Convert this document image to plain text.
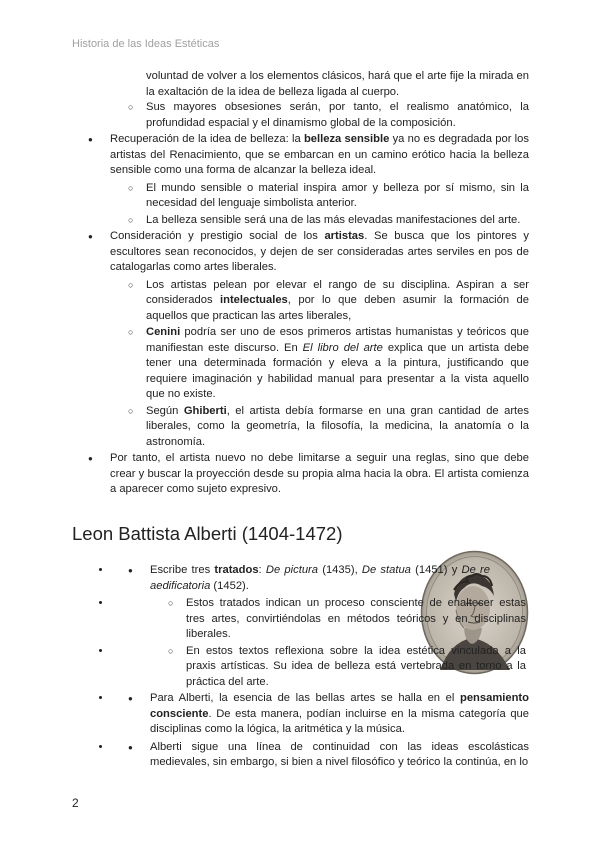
Historia de las Ideas Estéticas
voluntad de volver a los elementos clásicos, hará que el arte fije la mirada en la exaltación de la idea de belleza ligada al cuerpo.
○ Sus mayores obsesiones serán, por tanto, el realismo anatómico, la profundidad espacial y el dinamismo global de la composición.
● Recuperación de la idea de belleza: la belleza sensible ya no es degradada por los artistas del Renacimiento, que se embarcan en un camino erótico hacia la belleza sensible como una forma de alcanzar la belleza ideal.
○ El mundo sensible o material inspira amor y belleza por sí mismo, sin la necesidad del lenguaje simbolista anterior.
○ La belleza sensible será una de las más elevadas manifestaciones del arte.
● Consideración y prestigio social de los artistas. Se busca que los pintores y escultores sean reconocidos, y dejen de ser consideradas artes serviles en pos de catalogarlas como artes liberales.
○ Los artistas pelean por elevar el rango de su disciplina. Aspiran a ser considerados intelectuales, por lo que deben asumir la formación de aquellos que practican las artes liberales,
○ Cenini podría ser uno de esos primeros artistas humanistas y teóricos que manifiestan este discurso. En El libro del arte explica que un artista debe tener una determinada formación y eleva a la pintura, justificando que requiere imaginación y habilidad manual para presentar a la vista aquello que no existe.
○ Según Ghiberti, el artista debía formarse en una gran cantidad de artes liberales, como la geometría, la filosofía, la medicina, la anatomía o la astronomía.
● Por tanto, el artista nuevo no debe limitarse a seguir una reglas, sino que debe crear y buscar la proyección desde su propia alma hacia la obra. El artista comienza a aparecer como sujeto expresivo.
Leon Battista Alberti (1404-1472)
● • Escribe tres tratados: De pictura (1435), De statua (1451) y De re aedificatoria (1452).
○ • Estos tratados indican un proceso consciente de enaltecer estas tres artes, convirtiéndolas en métodos teóricos y en disciplinas liberales.
○ • En estos textos reflexiona sobre la idea estética vinculada a la praxis artísticas. Su idea de belleza está vertebrada en torno a la práctica del arte.
● • Para Alberti, la esencia de las bellas artes se halla en el pensamiento consciente. De esta manera, podían incluirse en la misma categoría que disciplinas como la lógica, la aritmética y la música.
● • Alberti sigue una línea de continuidad con las ideas escolásticas medievales, sin embargo, si bien a nivel filosófico y teórico la continúa, en lo
2
